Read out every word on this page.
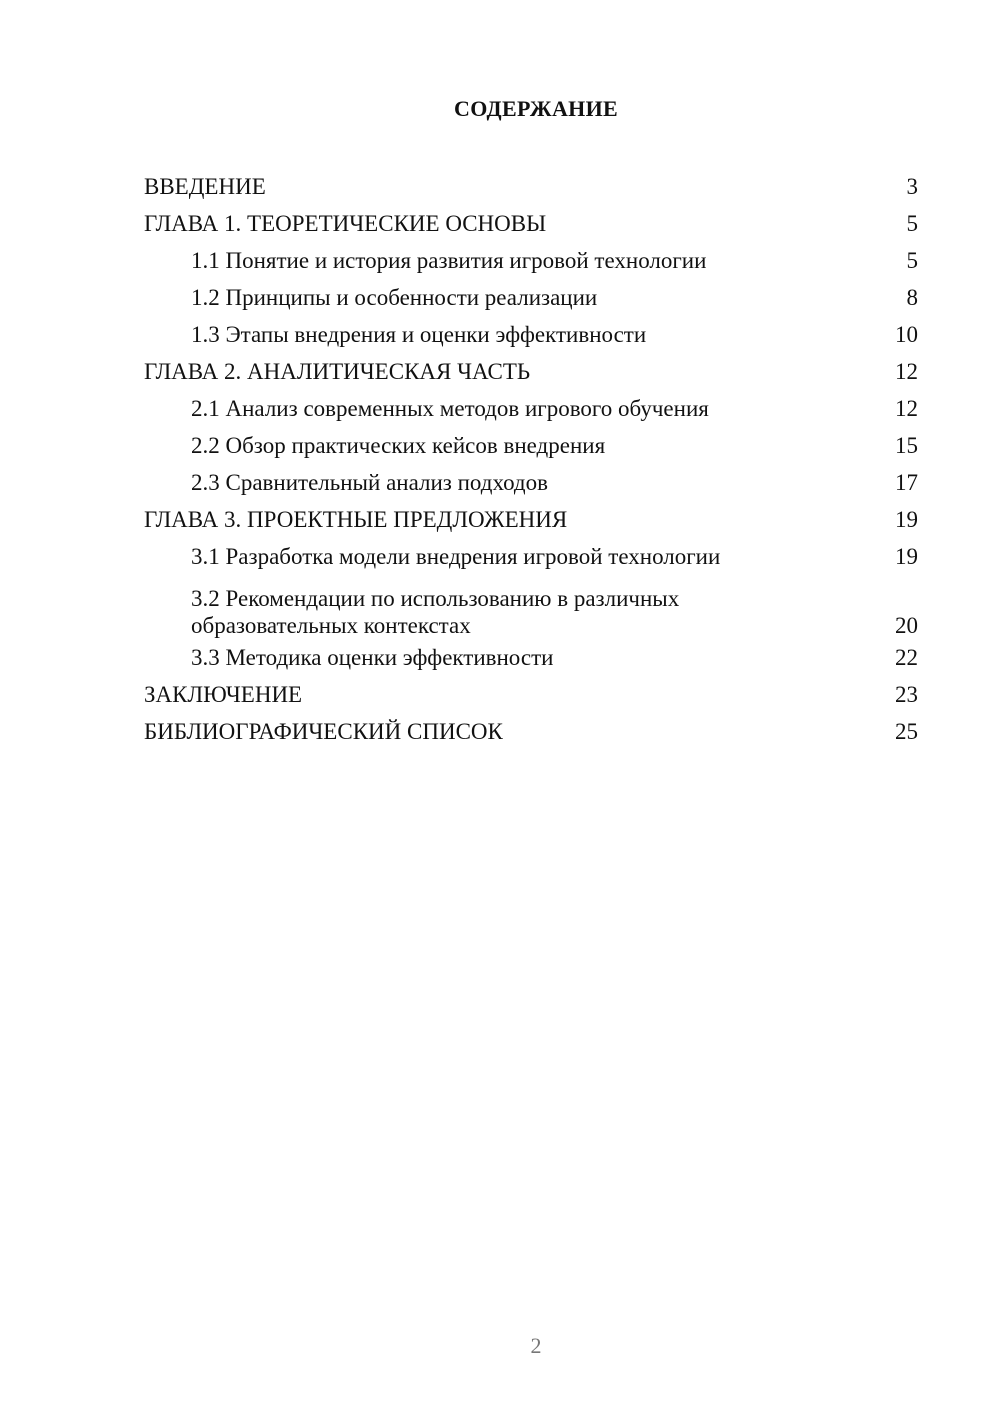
СОДЕРЖАНИЕ
ВВЕДЕНИЕ	3
ГЛАВА 1. ТЕОРЕТИЧЕСКИЕ ОСНОВЫ	5
1.1 Понятие и история развития игровой технологии	5
1.2 Принципы и особенности реализации	8
1.3 Этапы внедрения и оценки эффективности	10
ГЛАВА 2. АНАЛИТИЧЕСКАЯ ЧАСТЬ	12
2.1 Анализ современных методов игрового обучения	12
2.2 Обзор практических кейсов внедрения	15
2.3 Сравнительный анализ подходов	17
ГЛАВА 3. ПРОЕКТНЫЕ ПРЕДЛОЖЕНИЯ	19
3.1 Разработка модели внедрения игровой технологии	19
3.2 Рекомендации по использованию в различных образовательных контекстах	20
3.3 Методика оценки эффективности	22
ЗАКЛЮЧЕНИЕ	23
БИБЛИОГРАФИЧЕСКИЙ СПИСОК	25
2
